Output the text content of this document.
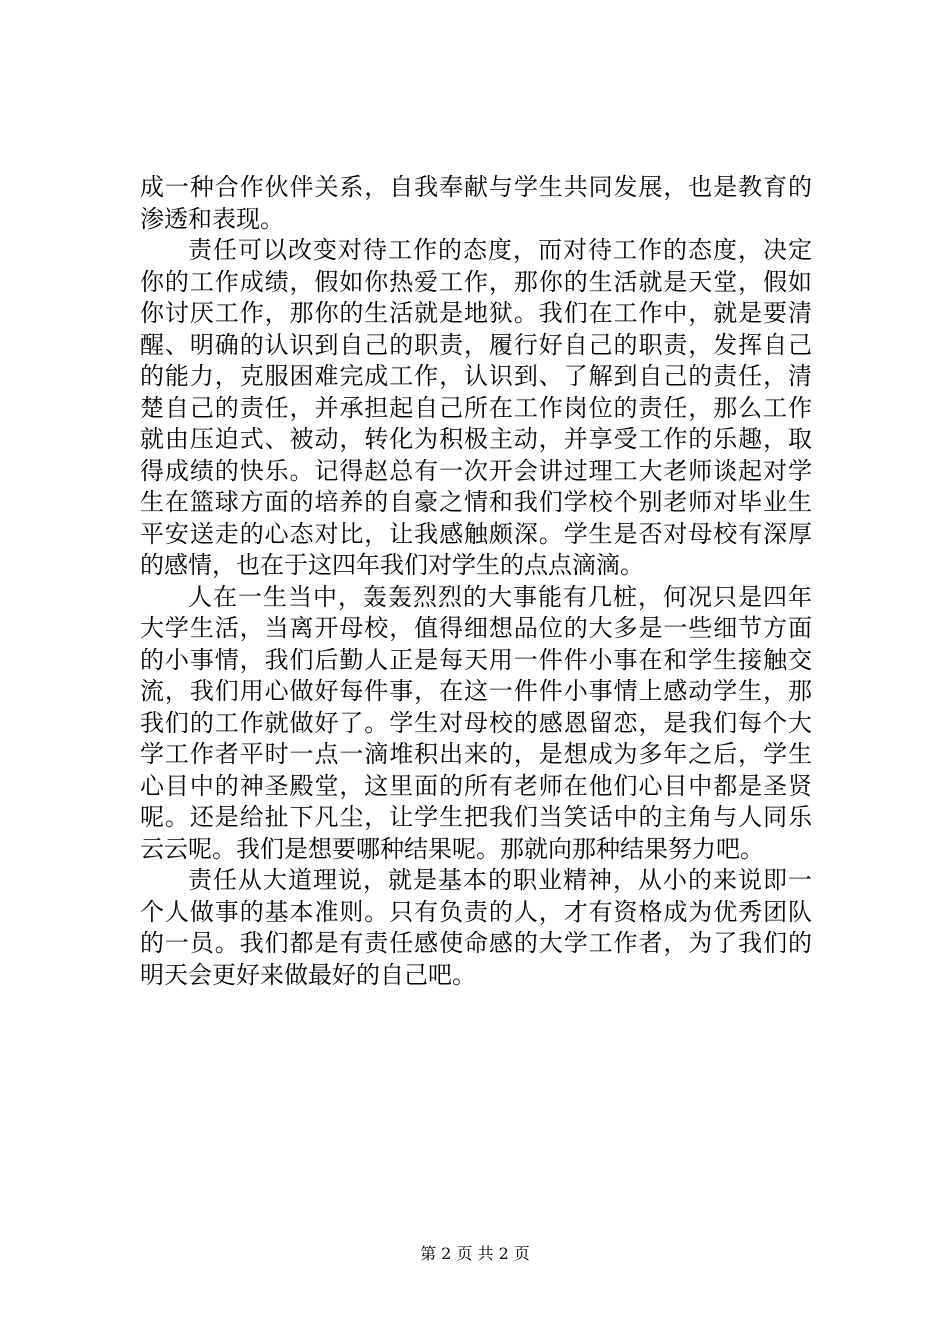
成一种合作伙伴关系，自我奉献与学生共同发展，也是教育的
渗透和表现。
责任可以改变对待工作的态度，而对待工作的态度，决定
你的工作成绩，假如你热爱工作，那你的生活就是天堂，假如
你讨厌工作，那你的生活就是地狱。我们在工作中，就是要清
醒、明确的认识到自己的职责，履行好自己的职责，发挥自己
的能力，克服困难完成工作，认识到、了解到自己的责任，清
楚自己的责任，并承担起自己所在工作岗位的责任，那么工作
就由压迫式、被动，转化为积极主动，并享受工作的乐趣，取
得成绩的快乐。记得赵总有一次开会讲过理工大老师谈起对学
生在篮球方面的培养的自豪之情和我们学校个别老师对毕业生
平安送走的心态对比，让我感触颇深。学生是否对母校有深厚
的感情，也在于这四年我们对学生的点点滴滴。
人在一生当中，轰轰烈烈的大事能有几桩，何况只是四年
大学生活，当离开母校，值得细想品位的大多是一些细节方面
的小事情，我们后勤人正是每天用一件件小事在和学生接触交
流，我们用心做好每件事，在这一件件小事情上感动学生，那
我们的工作就做好了。学生对母校的感恩留恋，是我们每个大
学工作者平时一点一滴堆积出来的，是想成为多年之后，学生
心目中的神圣殿堂，这里面的所有老师在他们心目中都是圣贤
呢。还是给扯下凡尘，让学生把我们当笑话中的主角与人同乐
云云呢。我们是想要哪种结果呢。那就向那种结果努力吧。
责任从大道理说，就是基本的职业精神，从小的来说即一
个人做事的基本准则。只有负责的人，才有资格成为优秀团队
的一员。我们都是有责任感使命感的大学工作者，为了我们的
明天会更好来做最好的自己吧。
第 2 页 共 2 页
